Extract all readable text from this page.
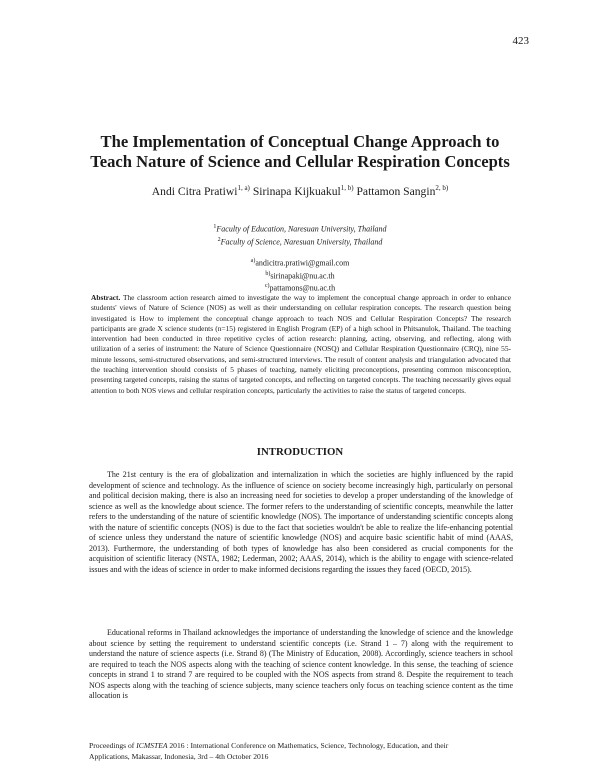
423
The Implementation of Conceptual Change Approach to
Teach Nature of Science and Cellular Respiration Concepts
Andi Citra Pratiwi$^{1, a)}$ Sirinapa Kijkuakul$^{1, b)}$ Pattamon Sangin$^{2, b)}$
$^1$Faculty of Education, Naresuan University, Thailand
$^2$Faculty of Science, Naresuan University, Thailand
$^{a)}$andicitra.pratiwi@gmail.com
$^{b)}$sirinapaki@nu.ac.th
$^{c)}$pattamons@nu.ac.th
Abstract. The classroom action research aimed to investigate the way to implement the conceptual change approach in order to enhance students' views of Nature of Science (NOS) as well as their understanding on cellular respiration concepts. The research question being investigated is How to implement the conceptual change approach to teach NOS and Cellular Respiration Concepts? The research participants are grade X science students (n=15) registered in English Program (EP) of a high school in Phitsanulok, Thailand. The teaching intervention had been conducted in three repetitive cycles of action research: planning, acting, observing, and reflecting, along with utilization of a series of instrument: the Nature of Science Questionnaire (NOSQ) and Cellular Respiration Questionnaire (CRQ), nine 55-minute lessons, semi-structured observations, and semi-structured interviews. The result of content analysis and triangulation advocated that the teaching intervention should consists of 5 phases of teaching, namely eliciting preconceptions, presenting common misconception, presenting targeted concepts, raising the status of targeted concepts, and reflecting on targeted concepts. The teaching necessarily gives equal attention to both NOS views and cellular respiration concepts, particularly the activities to raise the status of targeted concepts.
INTRODUCTION

The 21st century is the era of globalization and internalization in which the societies are highly influenced by the rapid development of science and technology. As the influence of science on society become increasingly high, particularly on personal and political decision making, there is also an increasing need for societies to develop a proper understanding of the knowledge of science as well as the knowledge about science. The former refers to the understanding of scientific concepts, meanwhile the latter refers to the understanding of the nature of scientific knowledge (NOS). The importance of understanding scientific concepts along with the nature of scientific concepts (NOS) is due to the fact that societies wouldn't be able to realize the life-enhancing potential of science unless they understand the nature of scientific knowledge (NOS) and acquire basic scientific habit of mind (AAAS, 2013). Furthermore, the understanding of both types of knowledge has also been considered as crucial components for the acquisition of scientific literacy (NSTA, 1982; Lederman, 2002; AAAS, 2014), which is the ability to engage with science-related issues and with the ideas of science in order to make informed decisions regarding the issues they faced (OECD, 2015).

Educational reforms in Thailand acknowledges the importance of understanding the knowledge of science and the knowledge about science by setting the requirement to understand scientific concepts (i.e. Strand 1 – 7) along with the requirement to understand the nature of science aspects (i.e. Strand 8) (The Ministry of Education, 2008). Accordingly, science teachers in school are required to teach the NOS aspects along with the teaching of science content knowledge. In this sense, the teaching of science concepts in strand 1 to strand 7 are required to be coupled with the NOS aspects from strand 8. Despite the requirement to teach NOS aspects along with the teaching of science subjects, many science teachers only focus on teaching science content as the time allocation is

Proceedings of ICMSTEA 2016 : International Conference on Mathematics, Science, Technology, Education, and their
Applications, Makassar, Indonesia, 3rd – 4th October 2016
